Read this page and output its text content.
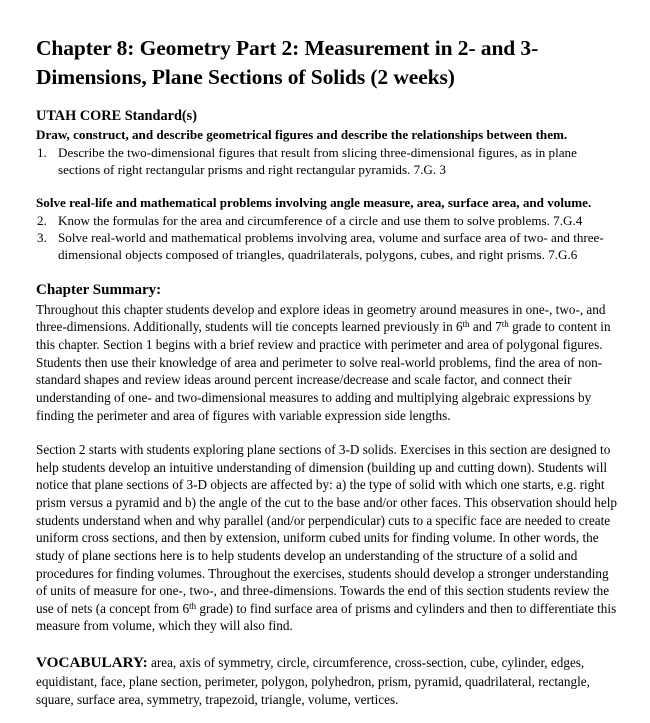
Chapter 8: Geometry Part 2: Measurement in 2- and 3-Dimensions, Plane Sections of Solids (2 weeks)
UTAH CORE Standard(s)
Draw, construct, and describe geometrical figures and describe the relationships between them.
1. Describe the two-dimensional figures that result from slicing three-dimensional figures, as in plane sections of right rectangular prisms and right rectangular pyramids. 7.G. 3
Solve real-life and mathematical problems involving angle measure, area, surface area, and volume.
2. Know the formulas for the area and circumference of a circle and use them to solve problems. 7.G.4
3. Solve real-world and mathematical problems involving area, volume and surface area of two- and three-dimensional objects composed of triangles, quadrilaterals, polygons, cubes, and right prisms. 7.G.6
Chapter Summary:

Throughout this chapter students develop and explore ideas in geometry around measures in one-, two-, and three-dimensions. Additionally, students will tie concepts learned previously in 6th and 7th grade to content in this chapter. Section 1 begins with a brief review and practice with perimeter and area of polygonal figures. Students then use their knowledge of area and perimeter to solve real-world problems, find the area of non-standard shapes and review ideas around percent increase/decrease and scale factor, and connect their understanding of one- and two-dimensional measures to adding and multiplying algebraic expressions by finding the perimeter and area of figures with variable expression side lengths.

Section 2 starts with students exploring plane sections of 3-D solids. Exercises in this section are designed to help students develop an intuitive understanding of dimension (building up and cutting down). Students will notice that plane sections of 3-D objects are affected by: a) the type of solid with which one starts, e.g. right prism versus a pyramid and b) the angle of the cut to the base and/or other faces. This observation should help students understand when and why parallel (and/or perpendicular) cuts to a specific face are needed to create uniform cross sections, and then by extension, uniform cubed units for finding volume. In other words, the study of plane sections here is to help students develop an understanding of the structure of a solid and procedures for finding volumes. Throughout the exercises, students should develop a stronger understanding of units of measure for one-, two-, and three-dimensions. Towards the end of this section students review the use of nets (a concept from 6th grade) to find surface area of prisms and cylinders and then to differentiate this measure from volume, which they will also find.

VOCABULARY: area, axis of symmetry, circle, circumference, cross-section, cube, cylinder, edges, equidistant, face, plane section, perimeter, polygon, polyhedron, prism, pyramid, quadrilateral, rectangle, square, surface area, symmetry, trapezoid, triangle, volume, vertices.
